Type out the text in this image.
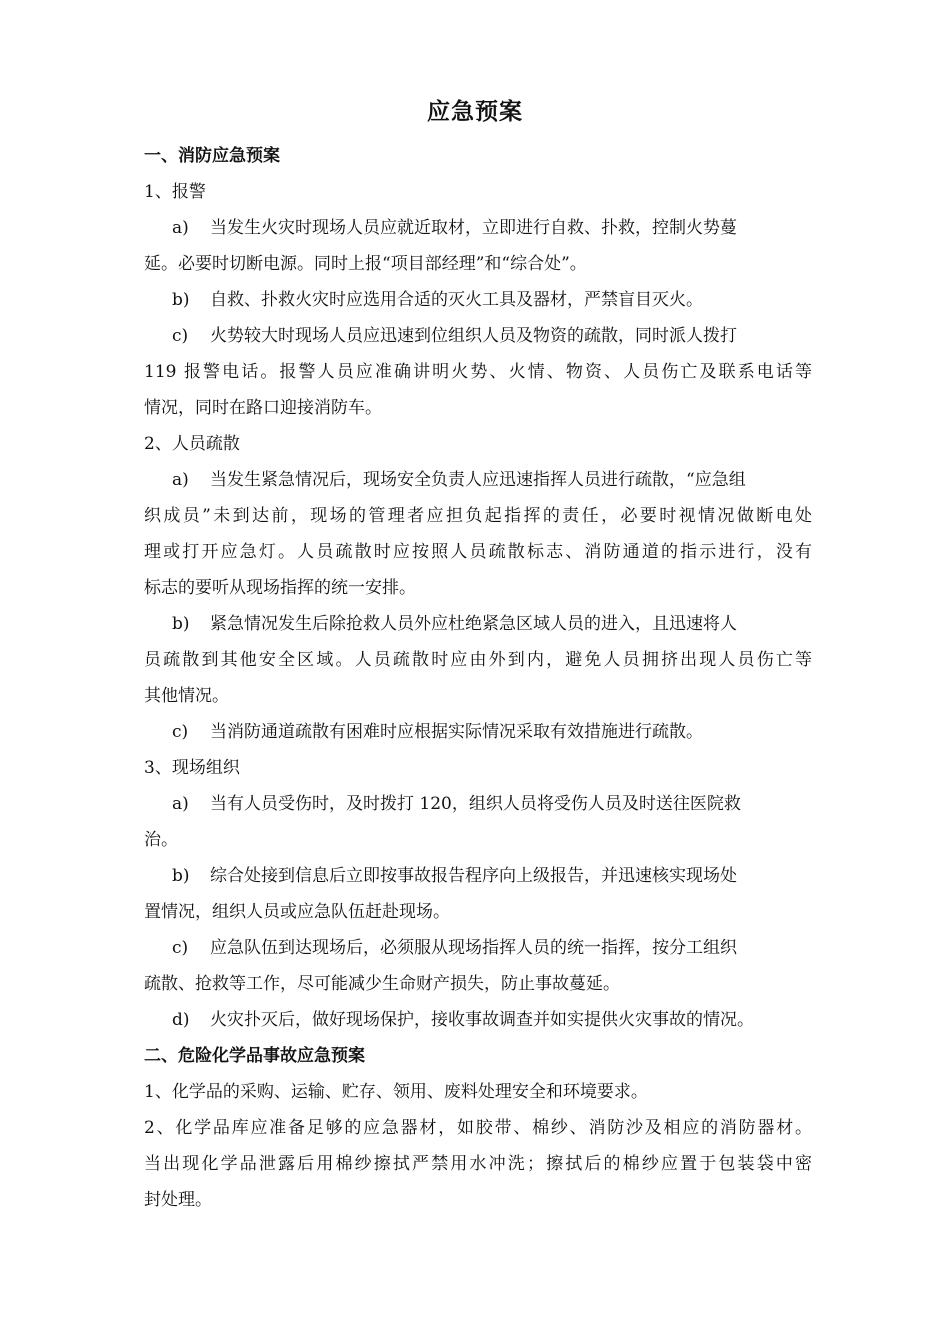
应急预案
一、消防应急预案
1、报警
a) 当发生火灾时现场人员应就近取材，立即进行自救、扑救，控制火势蔓
延。必要时切断电源。同时上报“项目部经理”和“综合处”。
b) 自救、扑救火灾时应选用合适的灭火工具及器材，严禁盲目灭火。
c) 火势较大时现场人员应迅速到位组织人员及物资的疏散，同时派人拨打
119 报警电话。报警人员应准确讲明火势、火情、物资、人员伤亡及联系电话等
情况，同时在路口迎接消防车。
2、人员疏散
a) 当发生紧急情况后，现场安全负责人应迅速指挥人员进行疏散，“应急组
织成员”未到达前，现场的管理者应担负起指挥的责任，必要时视情况做断电处
理或打开应急灯。人员疏散时应按照人员疏散标志、消防通道的指示进行，没有
标志的要听从现场指挥的统一安排。
b) 紧急情况发生后除抢救人员外应杜绝紧急区域人员的进入，且迅速将人
员疏散到其他安全区域。人员疏散时应由外到内，避免人员拥挤出现人员伤亡等
其他情况。
c) 当消防通道疏散有困难时应根据实际情况采取有效措施进行疏散。
3、现场组织
a) 当有人员受伤时，及时拨打 120，组织人员将受伤人员及时送往医院救
治。
b) 综合处接到信息后立即按事故报告程序向上级报告，并迅速核实现场处
置情况，组织人员或应急队伍赶赴现场。
c) 应急队伍到达现场后，必须服从现场指挥人员的统一指挥，按分工组织
疏散、抢救等工作，尽可能减少生命财产损失，防止事故蔓延。
d) 火灾扑灭后，做好现场保护，接收事故调查并如实提供火灾事故的情况。
二、危险化学品事故应急预案
1、化学品的采购、运输、贮存、领用、废料处理安全和环境要求。
2、化学品库应准备足够的应急器材，如胶带、棉纱、消防沙及相应的消防器材。
当出现化学品泄露后用棉纱擦拭严禁用水冲洗；擦拭后的棉纱应置于包装袋中密
封处理。
